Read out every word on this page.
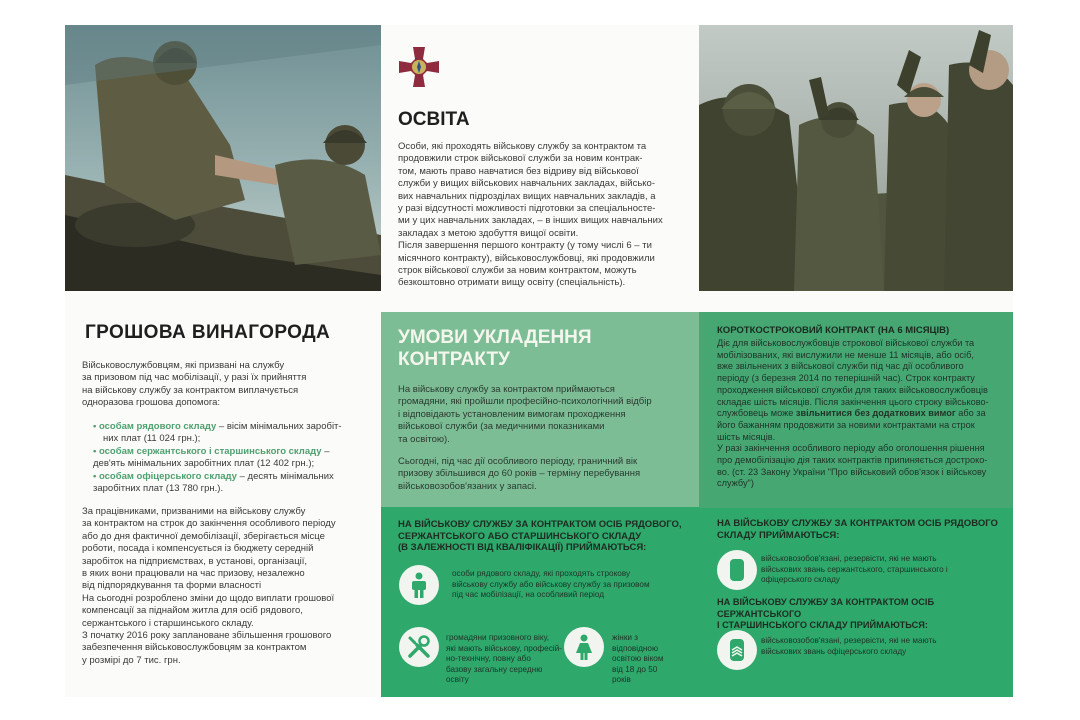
ГРОШОВА ВИНАГОРОДА

Військовослужбовцям, які призвані на службу

за призовом під час мобілізації, у разі їх прийняття

на військову службу за контрактом виплачується

одноразова грошова допомога:

• особам рядового складу – вісім мінімальних заробіт-

них плат (11 024 грн.);

• особам сержантського і старшинського складу –

дев'ять мінімальних заробітних плат (12 402 грн.);

• особам офіцерського складу – десять мінімальних

заробітних плат (13 780 грн.).

За працівниками, призваними на військову службу

за контрактом на строк до закінчення особливого періоду

або до дня фактичної демобілізації, зберігається місце

роботи, посада і компенсується із бюджету середній

заробіток на підприємствах, в установі, організації,

в яких вони працювали на час призову, незалежно

від підпорядкування та форми власності

На сьогодні розроблено зміни до щодо виплати грошової

компенсації за піднайом житла для осіб рядового,

сержантського і старшинського складу.

З початку 2016 року заплановане збільшення грошового

забезпечення військовослужбовцям за контрактом

у розмірі до 7 тис. грн.

ОСВІТА

Особи, які проходять військову службу за контрактом та

продовжили строк військової служби за новим контрак-

том, мають право навчатися без відриву від військової

служби у вищих військових навчальних закладах, військо-

вих навчальних підрозділах вищих навчальних закладів, а

у разі відсутності можливості підготовки за спеціальносте-

ми у цих навчальних закладах, – в інших вищих навчальних

закладах з метою здобуття вищої освіти.

Після завершення першого контракту (у тому числі 6 – ти

місячного контракту), військовослужбовці, які продовжили

строк військової служби за новим контрактом, можуть

безкоштовно отримати вищу освіту (спеціальність).

УМОВИ УКЛАДЕННЯ

КОНТРАКТУ

На військову службу за контрактом приймаються

громадяни, які пройшли професійно-психологічний відбір

і відповідають установленим вимогам проходження

військової служби (за медичними показниками

та освітою).

Сьогодні, під час дії особливого періоду, граничний вік

призову збільшився до 60 років – терміну перебування

військовозобов'язаних у запасі.

НА ВІЙСЬКОВУ СЛУЖБУ ЗА КОНТРАКТОМ ОСІБ РЯДОВОГО,

СЕРЖАНТСЬКОГО АБО СТАРШИНСЬКОГО СКЛАДУ

(В ЗАЛЕЖНОСТІ ВІД КВАЛІФІКАЦІЇ) ПРИЙМАЮТЬСЯ:

особи рядового складу, які проходять строкову

військову службу або військову службу за призовом

під час мобілізації, на особливий період

громадяни призовного віку,

які мають військову, професій-

но-технічну, повну або

базову загальну середню

освіту

жінки з

відповідною

освітою віком

від 18 до 50

років

КОРОТКОСТРОКОВИЙ КОНТРАКТ (НА 6 МІСЯЦІВ)

Діє для військовослужбовців строкової військової служби та

мобілізованих, які вислужили не менше 11 місяців, або осіб,

вже звільнених з військової служби під час дії особливого

періоду (з березня 2014 по теперішній час). Строк контракту

проходження військової служби для таких військовослужбовців

складає шість місяців. Після закінчення цього строку військово-

службовець може звільнитися без додаткових вимог або за

його бажанням продовжити за новими контрактами на строк

шість місяців.

У разі закінчення особливого періоду або оголошення рішення

про демобілізацію дія таких контрактів припиняється достроко-

во. (ст. 23 Закону України "Про військовий обов'язок і військову

службу")

НА ВІЙСЬКОВУ СЛУЖБУ ЗА КОНТРАКТОМ ОСІБ РЯДОВОГО

СКЛАДУ ПРИЙМАЮТЬСЯ:

військовозобов'язані, резервісти, які не мають

військових звань сержантського, старшинського і

офіцерського складу

НА ВІЙСЬКОВУ СЛУЖБУ ЗА КОНТРАКТОМ ОСІБ СЕРЖАНТСЬКОГО

І СТАРШИНСЬКОГО СКЛАДУ ПРИЙМАЮТЬСЯ:

військовозобов'язані, резервісти, які не мають

військових звань офіцерського складу
